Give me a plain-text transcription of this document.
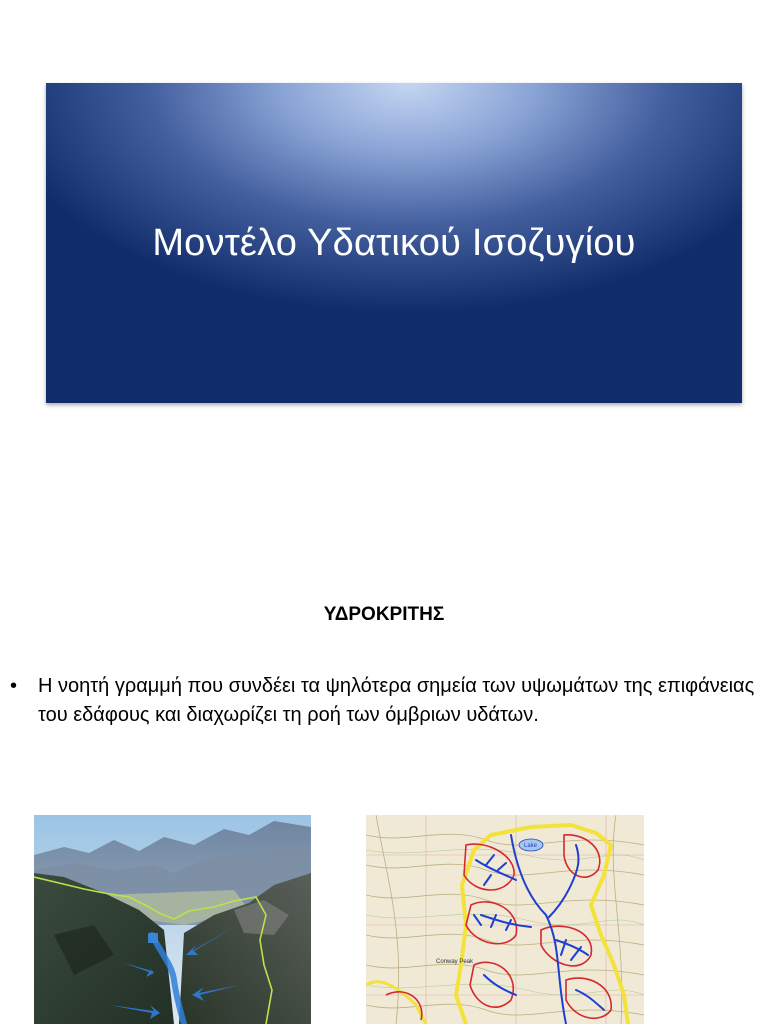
Μοντέλο Υδατικού Ισοζυγίου
ΥΔΡΟΚΡΙΤΗΣ
•	Η νοητή γραμμή που συνδέει τα ψηλότερα σημεία των υψωμάτων της επιφάνειας του εδάφους και διαχωρίζει τη ροή των όμβριων υδάτων.
Lake
Conway Peak
